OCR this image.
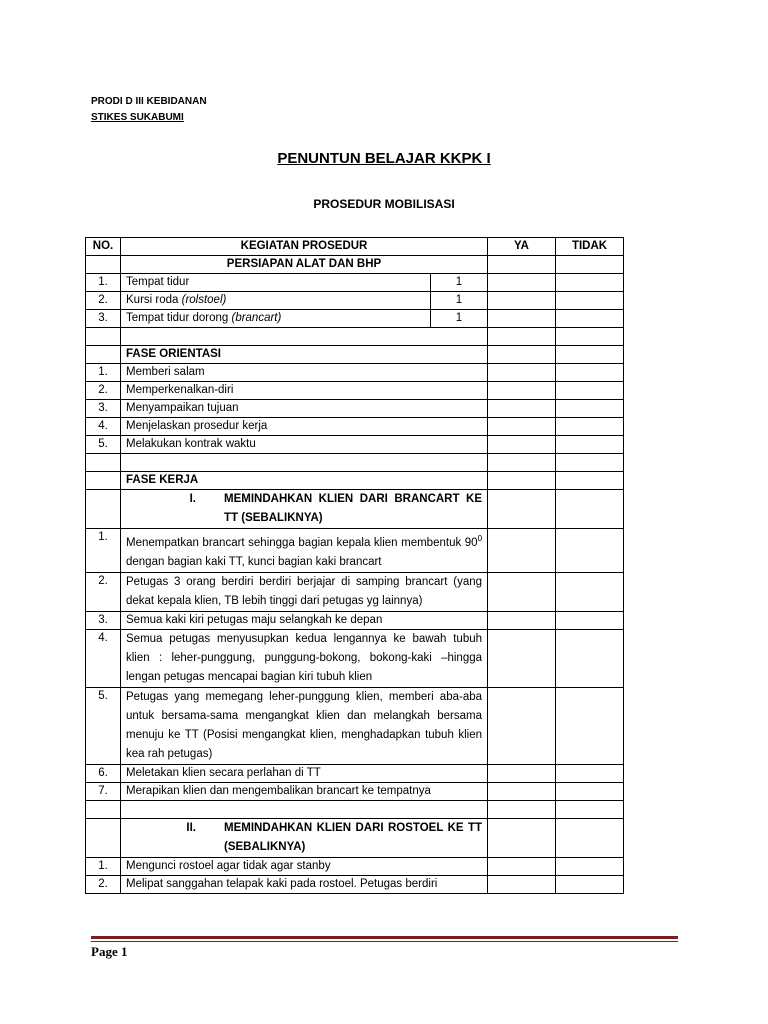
PRODI D III KEBIDANAN
STIKES SUKABUMI
PENUNTUN BELAJAR KKPK I
PROSEDUR MOBILISASI
NO.	KEGIATAN PROSEDUR		YA	TIDAK
	PERSIAPAN ALAT DAN BHP			
1.	Tempat tidur	1		
2.	Kursi roda (rolstoel)	1		
3.	Tempat tidur dorong (brancart)	1		

	FASE ORIENTASI			
1.	Memberi salam			
2.	Memperkenalkan-diri			
3.	Menyampaikan tujuan			
4.	Menjelaskan prosedur kerja			
5.	Melakukan kontrak waktu			

	FASE KERJA			

	I. MEMINDAHKAN KLIEN DARI BRANCART KE TT (SEBALIKNYA)			

1.	Menempatkan brancart sehingga bagian kepala klien membentuk $90^0$ dengan bagian kaki TT, kunci bagian kaki brancart			
2.	Petugas 3 orang berdiri berdiri berjajar di samping brancart (yang dekat kepala klien, TB lebih tinggi dari petugas yg lainnya)			
3.	Semua kaki kiri petugas maju selangkah ke depan			
4.	Semua petugas menyusupkan kedua lengannya ke bawah tubuh klien : leher-punggung, punggung-bokong, bokong-kaki –hingga lengan petugas mencapai bagian kiri tubuh klien			
5.	Petugas yang memegang leher-punggung klien, memberi aba-aba untuk bersama-sama mengangkat klien dan melangkah bersama menuju ke TT (Posisi mengangkat klien, menghadapkan tubuh klien kea rah petugas)			
6.	Meletakan klien secara perlahan di TT			
7.	Merapikan klien dan mengembalikan brancart ke tempatnya			

	II. MEMINDAHKAN KLIEN DARI ROSTOEL KE TT (SEBALIKNYA)			

1.	Mengunci rostoel agar tidak agar stanby			
2.	Melipat sanggahan telapak kaki pada rostoel. Petugas berdiri			
Page 1
